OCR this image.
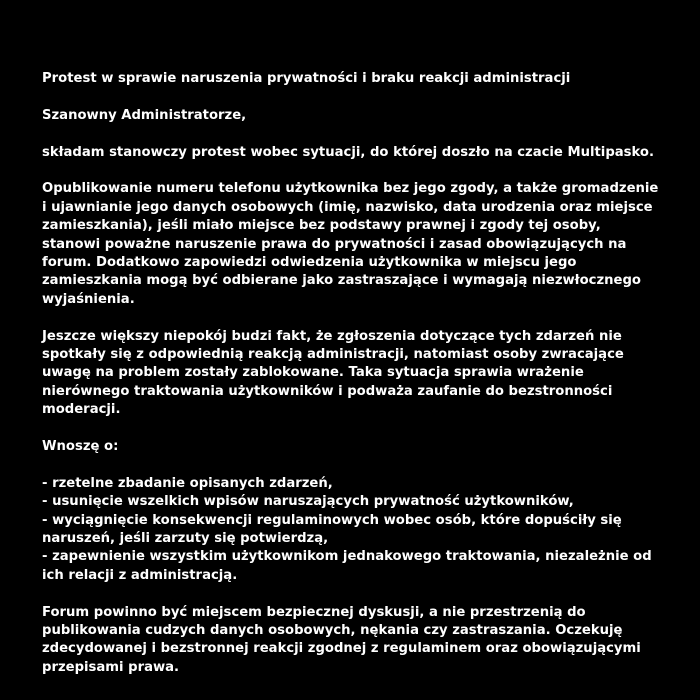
Protest w sprawie naruszenia prywatności i braku reakcji administracji

Szanowny Administratorze,

składam stanowczy protest wobec sytuacji, do której doszło na czacie Multipasko.

Opublikowanie numeru telefonu użytkownika bez jego zgody, a także gromadzenie i ujawnianie jego danych osobowych (imię, nazwisko, data urodzenia oraz miejsce zamieszkania), jeśli miało miejsce bez podstawy prawnej i zgody tej osoby, stanowi poważne naruszenie prawa do prywatności i zasad obowiązujących na forum. Dodatkowo zapowiedzi odwiedzenia użytkownika w miejscu jego zamieszkania mogą być odbierane jako zastraszające i wymagają niezwłocznego wyjaśnienia.

Jeszcze większy niepokój budzi fakt, że zgłoszenia dotyczące tych zdarzeń nie spotkały się z odpowiednią reakcją administracji, natomiast osoby zwracające uwagę na problem zostały zablokowane. Taka sytuacja sprawia wrażenie nierównego traktowania użytkowników i podważa zaufanie do bezstronności moderacji.

Wnoszę o:

- rzetelne zbadanie opisanych zdarzeń,
- usunięcie wszelkich wpisów naruszających prywatność użytkowników,
- wyciągnięcie konsekwencji regulaminowych wobec osób, które dopuściły się naruszeń, jeśli zarzuty się potwierdzą,
- zapewnienie wszystkim użytkownikom jednakowego traktowania, niezależnie od ich relacji z administracją.

Forum powinno być miejscem bezpiecznej dyskusji, a nie przestrzenią do publikowania cudzych danych osobowych, nękania czy zastraszania. Oczekuję zdecydowanej i bezstronnej reakcji zgodnej z regulaminem oraz obowiązującymi przepisami prawa.
